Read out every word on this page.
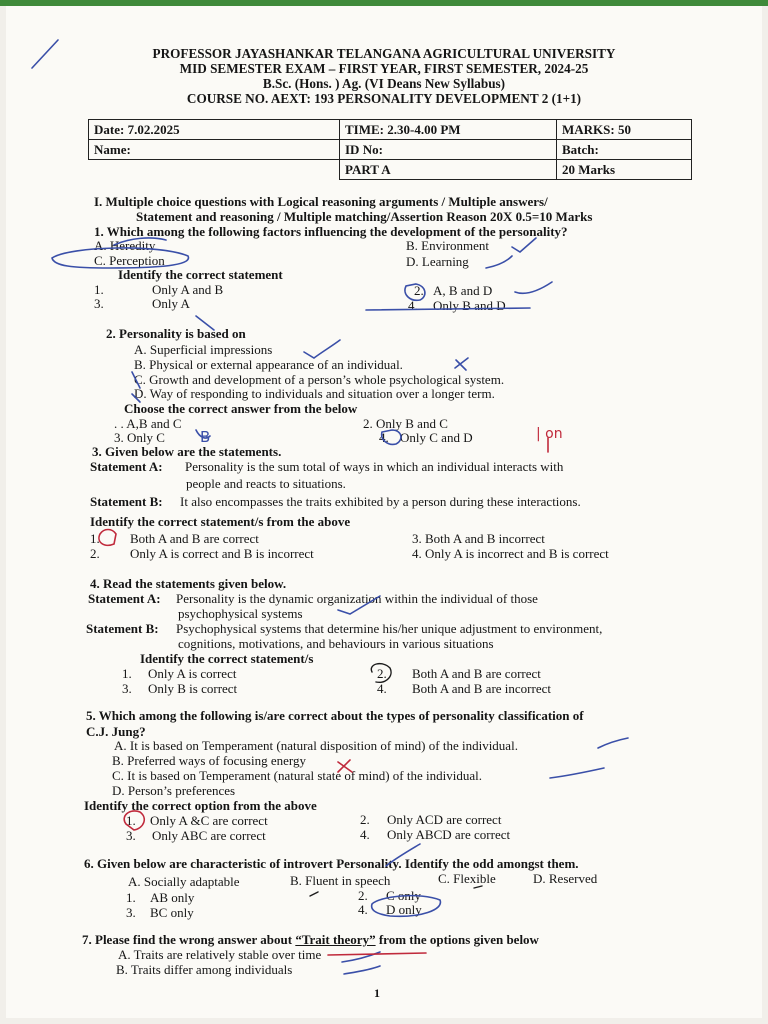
PROFESSOR JAYASHANKAR TELANGANA AGRICULTURAL UNIVERSITY
MID SEMESTER EXAM – FIRST YEAR, FIRST SEMESTER, 2024-25
B.Sc. (Hons. ) Ag. (VI Deans New Syllabus)
COURSE NO. AEXT: 193 PERSONALITY DEVELOPMENT 2 (1+1)
Date: 7.02.2025	TIME: 2.30-4.00 PM	MARKS: 50
Name:	ID No:	Batch:
	PART A	20 Marks
I. Multiple choice questions with Logical reasoning arguments / Multiple answers/
Statement and reasoning / Multiple matching/Assertion Reason 20X 0.5=10 Marks
1. Which among the following factors influencing the development of the personality?
A. Heredity	B. Environment
C. Perception	D. Learning
Identify the correct statement
1.	Only A and B	2. A, B and D
3.	Only A	4. Only B and D
2. Personality is based on
A. Superficial impressions
B. Physical or external appearance of an individual.
C. Growth and development of a person’s whole psychological system.
D. Way of responding to individuals and situation over a longer term.
Choose the correct answer from the below
. . A,B and C	2. Only B and C
3. Only C	4. Only C and D
3. Given below are the statements.
Statement A: Personality is the sum total of ways in which an individual interacts with
people and reacts to situations.
Statement B: It also encompasses the traits exhibited by a person during these interactions.
Identify the correct statement/s from the above
1. Both A and B are correct	3. Both A and B incorrect
2. Only A is correct and B is incorrect	4. Only A is incorrect and B is correct
4. Read the statements given below.
Statement A: Personality is the dynamic organization within the individual of those
psychophysical systems
Statement B: Psychophysical systems that determine his/her unique adjustment to environment,
cognitions, motivations, and behaviours in various situations
Identify the correct statement/s
1. Only A is correct	2. Both A and B are correct
3. Only B is correct	4. Both A and B are incorrect
5. Which among the following is/are correct about the types of personality classification of
C.J. Jung?
A. It is based on Temperament (natural disposition of mind) of the individual.
B. Preferred ways of focusing energy
C. It is based on Temperament (natural state of mind) of the individual.
D. Person’s preferences
Identify the correct option from the above
1. Only A &C are correct	2. Only ACD are correct
3. Only ABC are correct	4. Only ABCD are correct
6. Given below are characteristic of introvert Personality. Identify the odd amongst them.
A. Socially adaptable	B. Fluent in speech	C. Flexible	D. Reserved
1. AB only	2. C only
3. BC only	4. D only
7. Please find the wrong answer about “Trait theory” from the options given below
A. Traits are relatively stable over time
B. Traits differ among individuals
1
B	| on
